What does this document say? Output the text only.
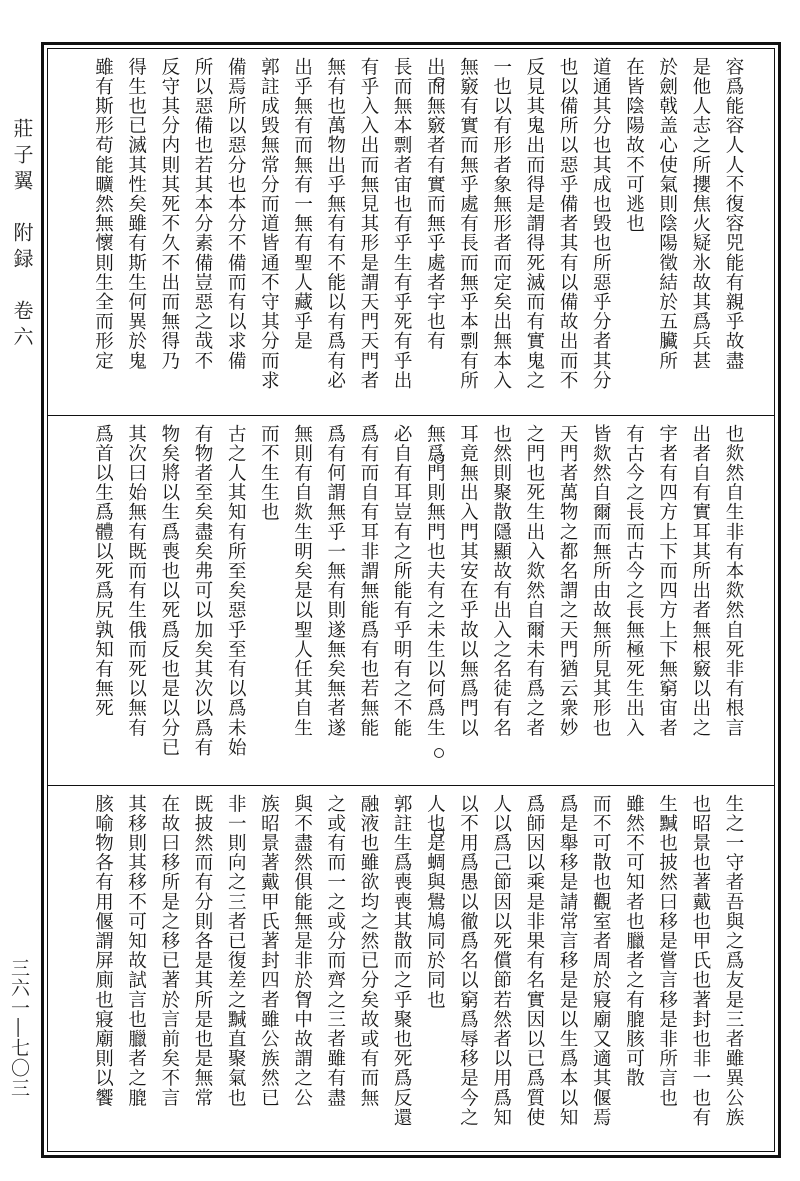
莊子翼　附録　卷六
三六一―七〇三
容爲能容人人不復容兕能有親乎故盡
是他人志之所攖焦火疑氷故其爲兵甚
於劍戟盖心使氣則陰陽徵結於五臟所
在皆陰陽故不可逃也
道通其分也其成也毁也所惡乎分者其分
也以備所以惡乎備者其有以備故出而不
反見其鬼出而得是謂得死滅而有實鬼之
一也以有形者象無形者而定矣出無本入
無竅有實而無乎處有長而無乎本剽有所
出而無竅者有實而無乎處者宇也有
長而無本剽者宙也有乎生有乎死有乎出
有乎入入出而無見其形是謂天門天門者
無有也萬物出乎無有有不能以有爲有必
出乎無有而無有一無有聖人藏乎是
郭註成毁無常分而道皆通不守其分而求
備焉所以惡分也本分不備而有以求備
所以惡備也若其本分素備豈惡之哉不
反守其分内則其死不久不出而無得乃
得生也已滅其性矣雖有斯生何異於鬼
雖有斯形苟能曠然無懷則生全而形定
也欻然自生非有本欻然自死非有根言
出者自有實耳其所出者無根竅以出之
宇者有四方上下而四方上下無窮宙者
有古今之長而古今之長無極死生出入
皆欻然自爾而無所由故無所見其形也
天門者萬物之都名謂之天門猶云衆妙
之門也死生出入欻然自爾未有爲之者
也然則聚散隱顯故有出入之名徒有名
耳竟無出入門其安在乎故以無爲門以
無爲門則無門也夫有之未生以何爲生
必自有耳豈有之所能有乎明有之不能
爲有而自有耳非謂無能爲有也若無能
爲有何謂無乎一無有則遂無矣無者遂
無則有自欻生明矣是以聖人任其自生
而不生生也
古之人其知有所至矣惡乎至有以爲未始
有物者至矣盡矣弗可以加矣其次以爲有
物矣將以生爲喪也以死爲反也是以分已
其次曰始無有既而有生俄而死以無有
爲首以生爲體以死爲尻孰知有無死
生之一守者吾與之爲友是三者雖異公族
也昭景也著戴也甲氏也著封也非一也有
生黬也披然曰移是嘗言移是非所言也
雖然不可知者也臘者之有膍胲可散
而不可散也觀室者周於寢廟又適其偃焉
爲是舉移是請常言移是是以生爲本以知
爲師因以乘是非果有名實因以已爲質使
人以爲己節因以死償節若然者以用爲知
以不用爲愚以徹爲名以窮爲辱移是今之
人也是蜩與鷽鳩同於同也
郭註生爲喪喪其散而之乎聚也死爲反還
融液也雖欲均之然已分矣故或有而無
之或有而一之或分而齊之三者雖有盡
與不盡然俱能無是非於胷中故謂之公
族昭景著戴甲氏著封四者雖公族然已
非一則向之三者已復差之黬直聚氣也
既披然而有分則各是其所是也是無常
在故曰移所是之移已著於言前矣不言
其移則其移不可知故試言也臘者之膍
胲喻物各有用偃謂屏廁也寢廟則以饗
